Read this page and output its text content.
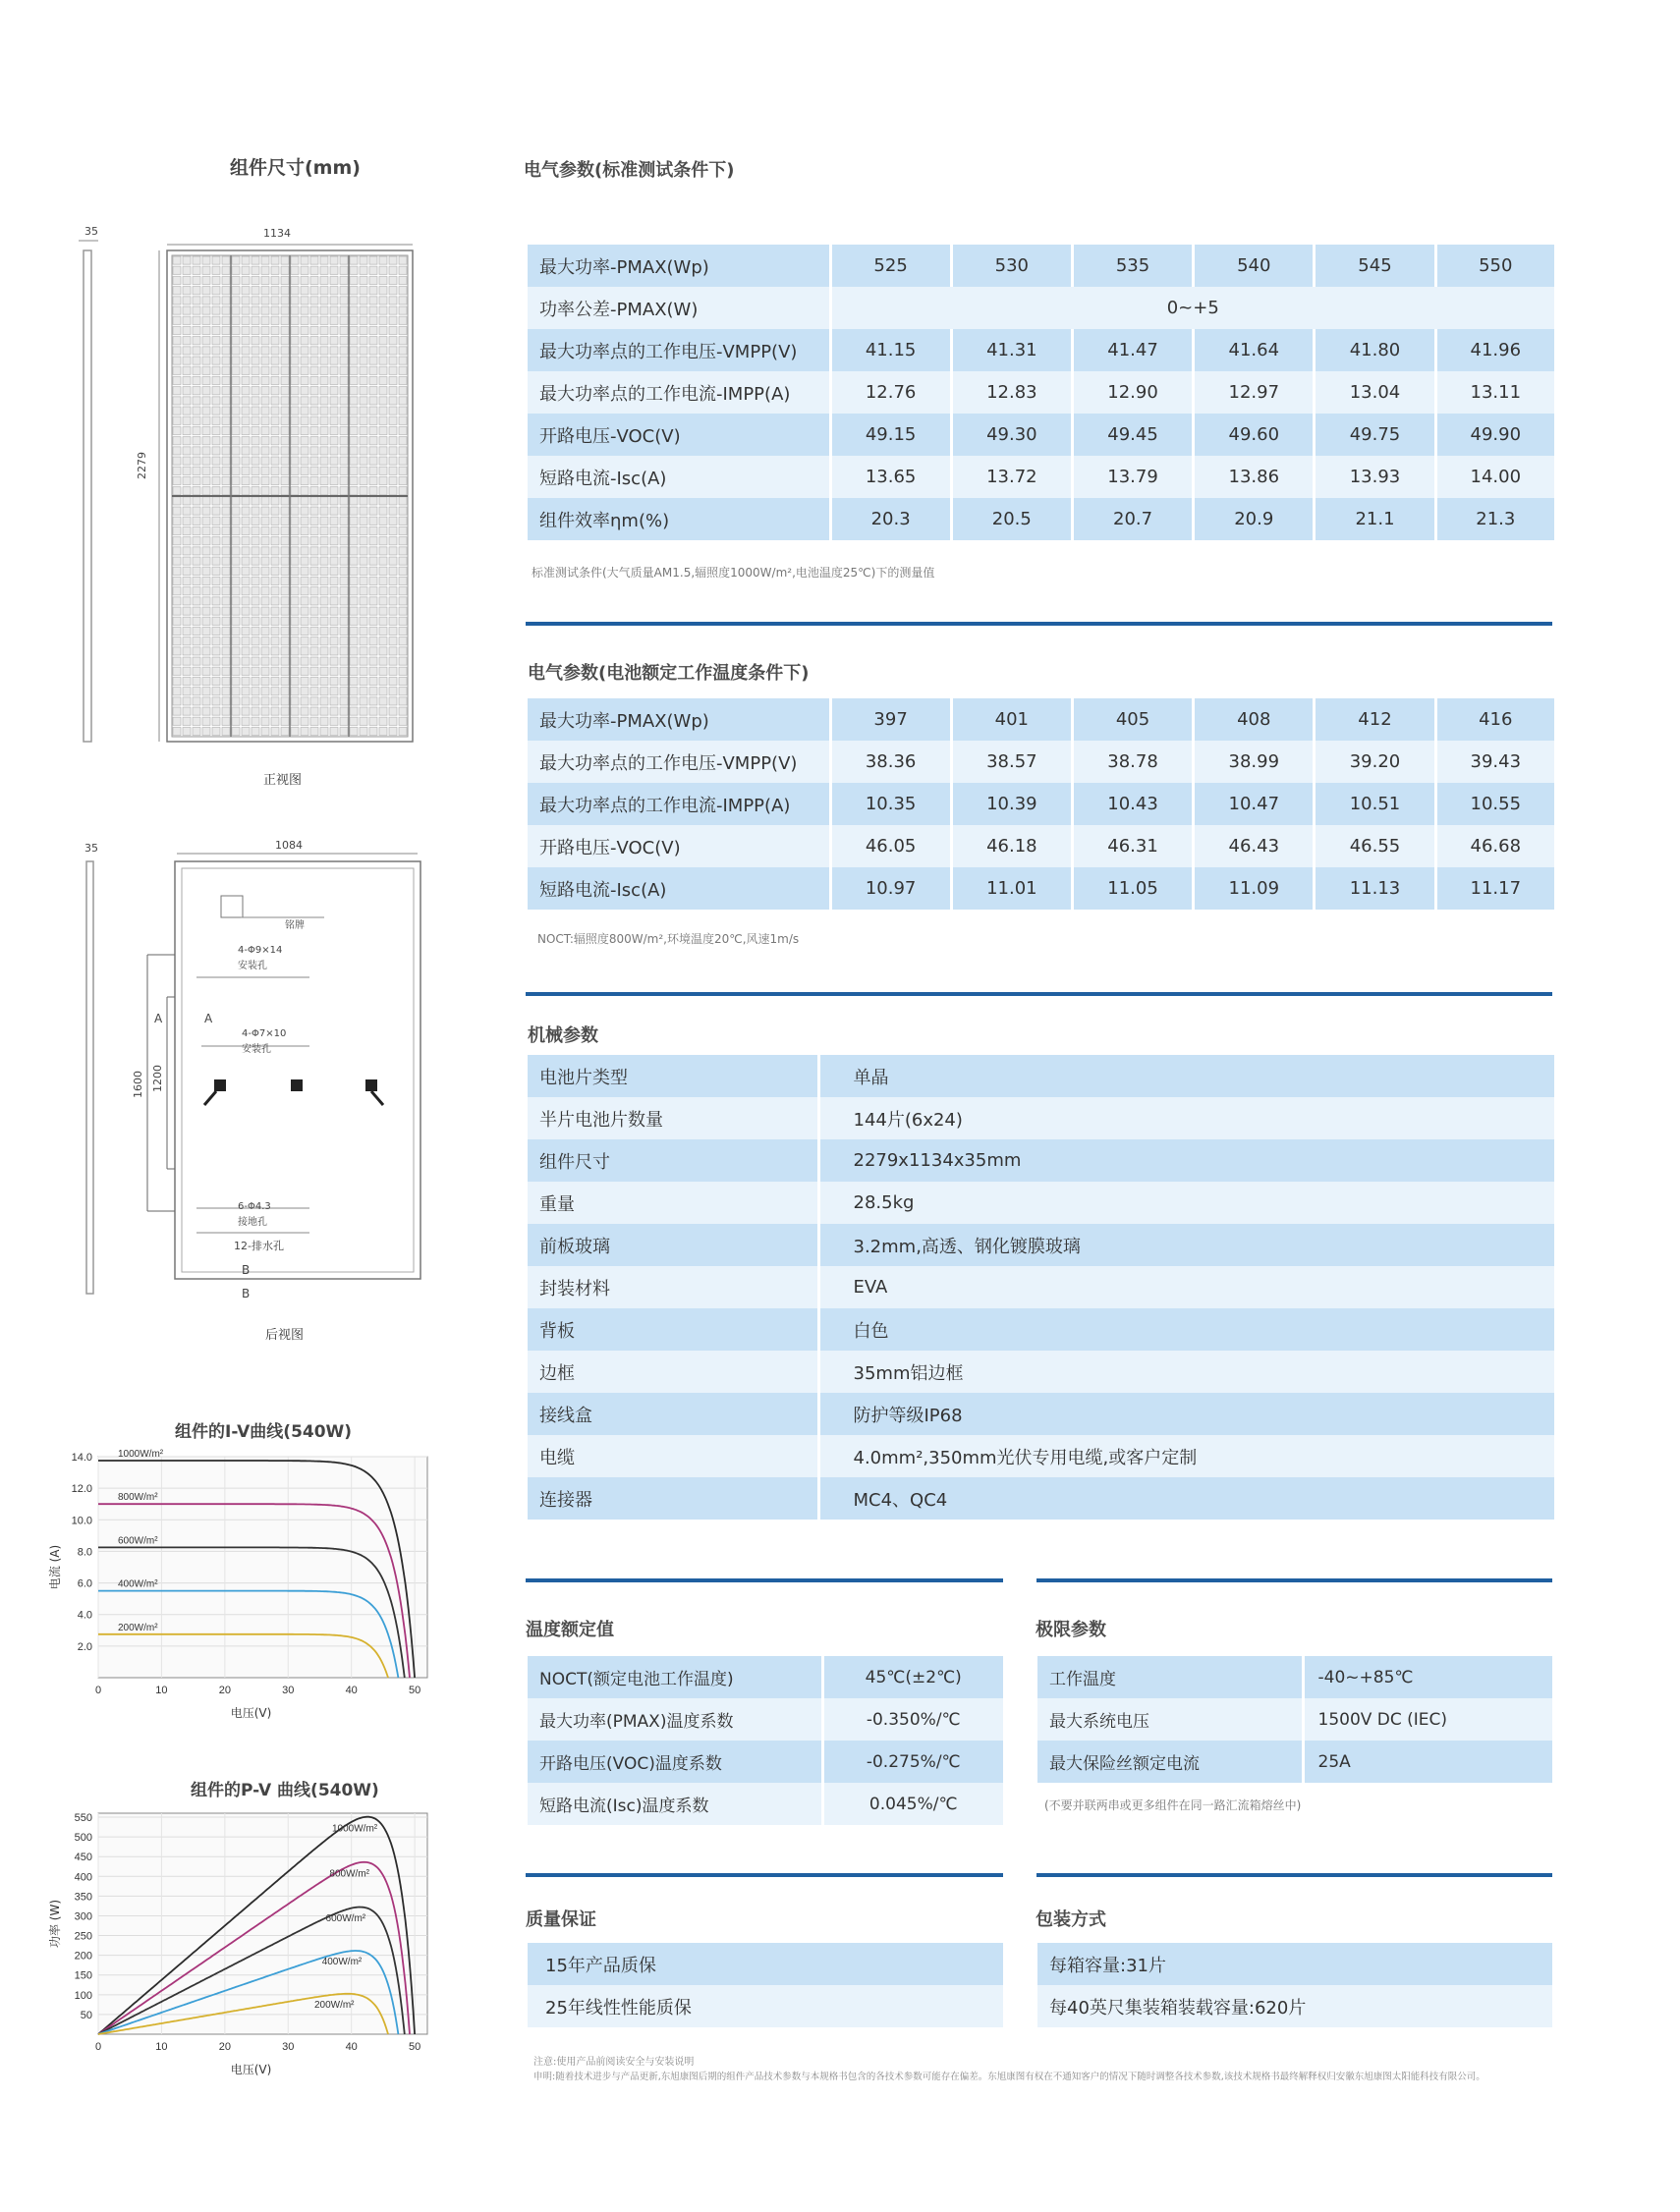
组件尺寸(mm)
35	1134
2279
正视图
35	1084
1600 1200
铭牌
4-Φ9×14
安装孔
4-Φ7×10
安装孔
A	A
6-Φ4.3
接地孔
12-排水孔
B
B
后视图
组件的I-V曲线(540W)
2.0
4.0
6.0
8.0
10.0
12.0
14.0
0	10	20	30	40	50
1000W/m²
800W/m²
600W/m²
400W/m²
200W/m²
电压(V)
电流 (A)
组件的P-V 曲线(540W)
50
100
150
200
250
300
350
400
450
500
550
0	10	20	30	40	50
1000W/m²
800W/m²
600W/m²
400W/m²
200W/m²
电压(V)
功率 (W)
电气参数(标准测试条件下)
最大功率-PMAX(Wp)	525	530	535	540	545	550
功率公差-PMAX(W)	0~+5					
最大功率点的工作电压-VMPP(V)	41.15	41.31	41.47	41.64	41.80	41.96
最大功率点的工作电流-IMPP(A)	12.76	12.83	12.90	12.97	13.04	13.11
开路电压-VOC(V)	49.15	49.30	49.45	49.60	49.75	49.90
短路电流-Isc(A)	13.65	13.72	13.79	13.86	13.93	14.00
组件效率ηm(%)	20.3	20.5	20.7	20.9	21.1	21.3
标准测试条件(大气质量AM1.5,辐照度1000W/m²,电池温度25℃)下的测量值
电气参数(电池额定工作温度条件下)
最大功率-PMAX(Wp)	397	401	405	408	412	416
最大功率点的工作电压-VMPP(V)	38.36	38.57	38.78	38.99	39.20	39.43
最大功率点的工作电流-IMPP(A)	10.35	10.39	10.43	10.47	10.51	10.55
开路电压-VOC(V)	46.05	46.18	46.31	46.43	46.55	46.68
短路电流-Isc(A)	10.97	11.01	11.05	11.09	11.13	11.17
NOCT:辐照度800W/m²,环境温度20℃,风速1m/s
机械参数
电池片类型	单晶
半片电池片数量	144片(6x24)
组件尺寸	2279x1134x35mm
重量	28.5kg
前板玻璃	3.2mm,高透、钢化镀膜玻璃
封装材料	EVA
背板	白色
边框	35mm铝边框
接线盒	防护等级IP68
电缆	4.0mm²,350mm光伏专用电缆,或客户定制
连接器	MC4、QC4
温度额定值
NOCT(额定电池工作温度)	45℃(±2℃)
最大功率(PMAX)温度系数	-0.350%/℃
开路电压(VOC)温度系数	-0.275%/℃
短路电流(Isc)温度系数	0.045%/℃
极限参数
工作温度	-40~+85℃
最大系统电压	1500V DC (IEC)
最大保险丝额定电流	25A
(不要并联两串或更多组件在同一路汇流箱熔丝中)
质量保证
15年产品质保
25年线性性能质保
包装方式
每箱容量:31片
每40英尺集装箱装载容量:620片
注意:使用产品前阅读安全与安装说明
申明:随着技术进步与产品更新,东旭康图后期的组件产品技术参数与本规格书包含的各技术参数可能存在偏差。东旭康图有权在不通知客户的情况下随时调整各技术参数,该技术规格书最终解释权归安徽东旭康图太阳能科技有限公司。
